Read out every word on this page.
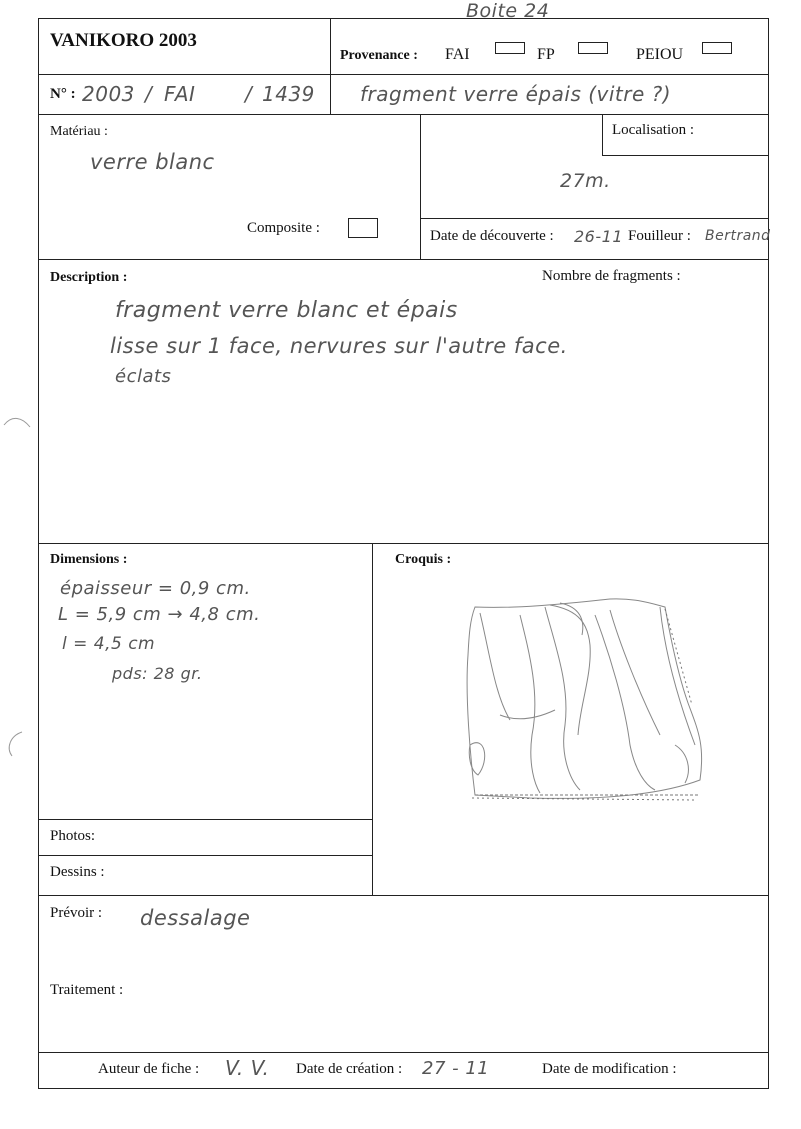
Boite 24
VANIKORO 2003
Provenance : FAI	FP	PEIOU
N° : 2003 / FAI / 1439 fragment verre épais (vitre ?)
Matériau :
verre blanc
Composite :
Localisation :
27m.
Date de découverte : 26-11 Fouilleur : Bertrand
Description :	Nombre de fragments :
fragment verre blanc et épais
lisse sur 1 face, nervures sur l'autre face.
éclats
Dimensions :
épaisseur = 0,9 cm.
L = 5,9 cm → 4,8 cm.
l = 4,5 cm
pds: 28 gr.
Croquis :
Photos:
Dessins :
Prévoir : dessalage
Traitement :
Auteur de fiche : V. V. Date de création : 27 - 11	Date de modification :
